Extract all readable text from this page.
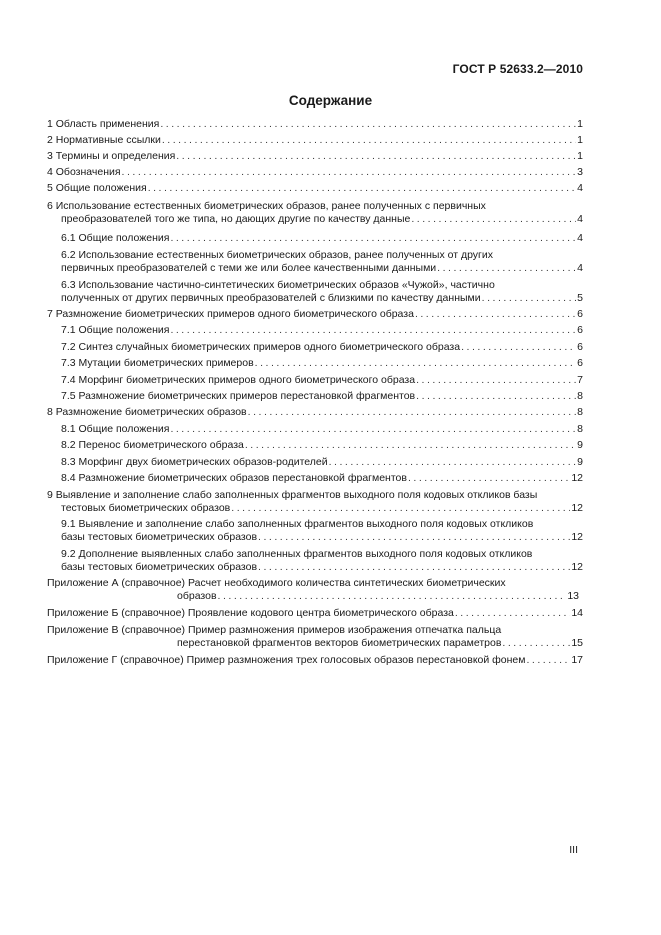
ГОСТ Р 52633.2—2010
Содержание
1 Область применения . . .	1
2 Нормативные ссылки . . .	1
3 Термины и определения . . .	1
4 Обозначения . . .	3
5 Общие положения . . .	4
6 Использование естественных биометрических образов, ранее полученных с первичных
преобразователей того же типа, но дающих другие по качеству данные . . .	4
6.1 Общие положения . . .	4
6.2 Использование естественных биометрических образов, ранее полученных от других
первичных преобразователей с теми же или более качественными данными . . .	4
6.3 Использование частично-синтетических биометрических образов «Чужой», частично
полученных от других первичных преобразователей с близкими по качеству данными . . .	5
7 Размножение биометрических примеров одного биометрического образа . . .	6
7.1 Общие положения . . .	6
7.2 Синтез случайных биометрических примеров одного биометрического образа . . .	6
7.3 Мутации биометрических примеров . . .	6
7.4 Морфинг биометрических примеров одного биометрического образа . . .	7
7.5 Размножение биометрических примеров перестановкой фрагментов . . .	8
8 Размножение биометрических образов . . .	8
8.1 Общие положения . . .	8
8.2 Перенос биометрического образа . . .	9
8.3 Морфинг двух биометрических образов-родителей . . .	9
8.4 Размножение биометрических образов перестановкой фрагментов . . .	12
9 Выявление и заполнение слабо заполненных фрагментов выходного поля кодовых откликов базы
тестовых биометрических образов . . .	12
9.1 Выявление и заполнение слабо заполненных фрагментов выходного поля кодовых откликов
базы тестовых биометрических образов . . .	12
9.2 Дополнение выявленных слабо заполненных фрагментов выходного поля кодовых откликов
базы тестовых биометрических образов . . .	12
Приложение А (справочное) Расчет необходимого количества синтетических биометрических
образов . . .	13
Приложение Б (справочное) Проявление кодового центра биометрического образа . . .	14
Приложение В (справочное) Пример размножения примеров изображения отпечатка пальца
перестановкой фрагментов векторов биометрических параметров . . .	15
Приложение Г (справочное) Пример размножения трех голосовых образов перестановкой фонем . . .	17
III
